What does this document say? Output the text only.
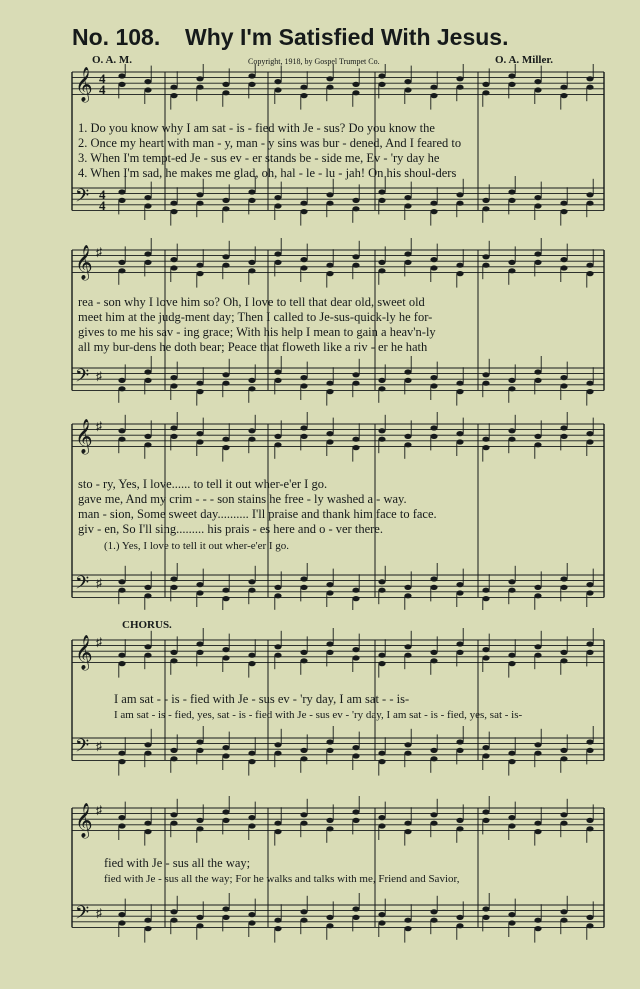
No. 108. Why I'm Satisfied With Jesus.
O. A. M.	Copyright, 1918, by Gospel Trumpet Co.	O. A. Miller.
𝄞 4
4
𝄢 4
4
1. Do you know why I am sat - is - fied with Je - sus? Do you know the
2. Once my heart with man - y, man - y sins was bur - dened, And I feared to
3. When I'm tempt-ed Je - sus ev - er stands be - side me, Ev - 'ry day he
4. When I'm sad, he makes me glad, oh, hal - le - lu - jah! On his shoul-ders
𝄞 ♯
𝄢 ♯
rea - son why I love him so? Oh, I love to tell that dear old, sweet old
meet him at the judg-ment day; Then I called to Je-sus-quick-ly he for-
gives to me his sav - ing grace; With his help I mean to gain a heav'n-ly
all my bur-dens he doth bear; Peace that floweth like a riv - er he hath
𝄞 ♯
𝄢 ♯
sto - ry, Yes, I love...... to tell it out wher-e'er I go.
gave me, And my crim - - - son stains he free - ly washed a - way.
man - sion, Some sweet day.......... I'll praise and thank him face to face.
giv - en, So I'll sing......... his prais - es here and o - ver there.
(1.) Yes, I love to tell it out wher-e'er I go.
CHORUS.
𝄞 ♯
𝄢 ♯
I am sat - - is - fied with Je - sus ev - 'ry day, I am sat - - is-
I am sat - is - fied, yes, sat - is - fied with Je - sus ev - 'ry day, I am sat - is - fied, yes, sat - is-
𝄞 ♯
𝄢 ♯
fied with Je - sus all the way;
fied with Je - sus all the way; For he walks and talks with me, Friend and Savior,
